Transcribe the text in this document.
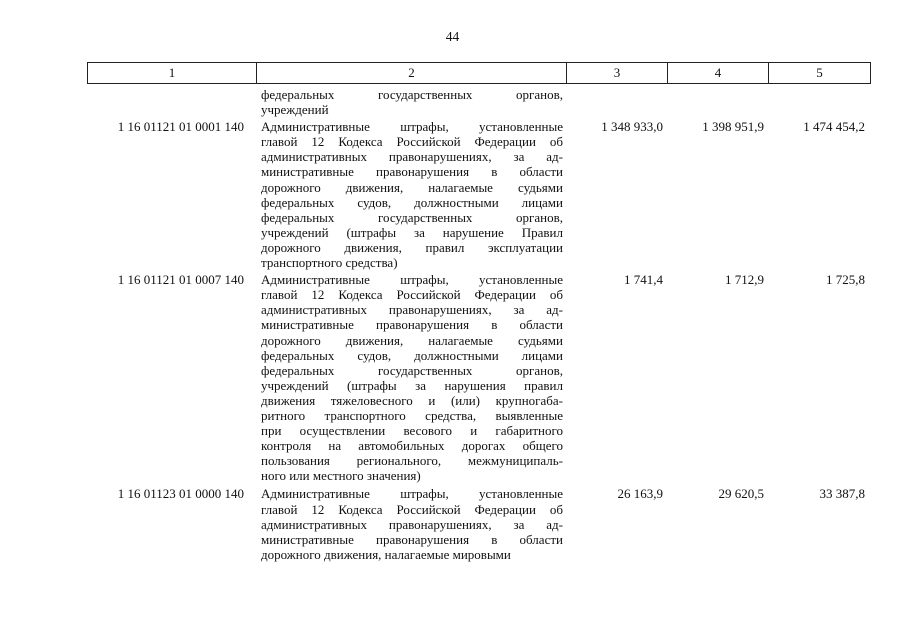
44
1	2	3	4	5
федеральных	государственных	органов,
учреждений
1 16 01121 01 0001 140	Административные штрафы, установленные
главой 12 Кодекса Российской Федерации об
административных правонарушениях, за ад-
министративные правонарушения в области
дорожного движения, налагаемые судьями
федеральных судов, должностными лицами
федеральных	государственных	органов,
учреждений (штрафы за нарушение Правил
дорожного движения, правил эксплуатации
транспортного средства)
1 348 933,0	1 398 951,9	1 474 454,2
1 16 01121 01 0007 140	Административные штрафы, установленные
главой 12 Кодекса Российской Федерации об
административных правонарушениях, за ад-
министративные правонарушения в области
дорожного движения, налагаемые судьями
федеральных судов, должностными лицами
федеральных	государственных	органов,
учреждений (штрафы за нарушения правил
движения тяжеловесного и (или) крупногаба-
ритного транспортного средства, выявленные
при осуществлении весового и габаритного
контроля на автомобильных дорогах общего
пользования регионального, межмуниципаль-
ного или местного значения)
1 741,4	1 712,9	1 725,8
1 16 01123 01 0000 140	Административные штрафы, установленные
главой 12 Кодекса Российской Федерации об
административных правонарушениях, за ад-
министративные правонарушения в области
дорожного движения, налагаемые мировыми
26 163,9	29 620,5	33 387,8
